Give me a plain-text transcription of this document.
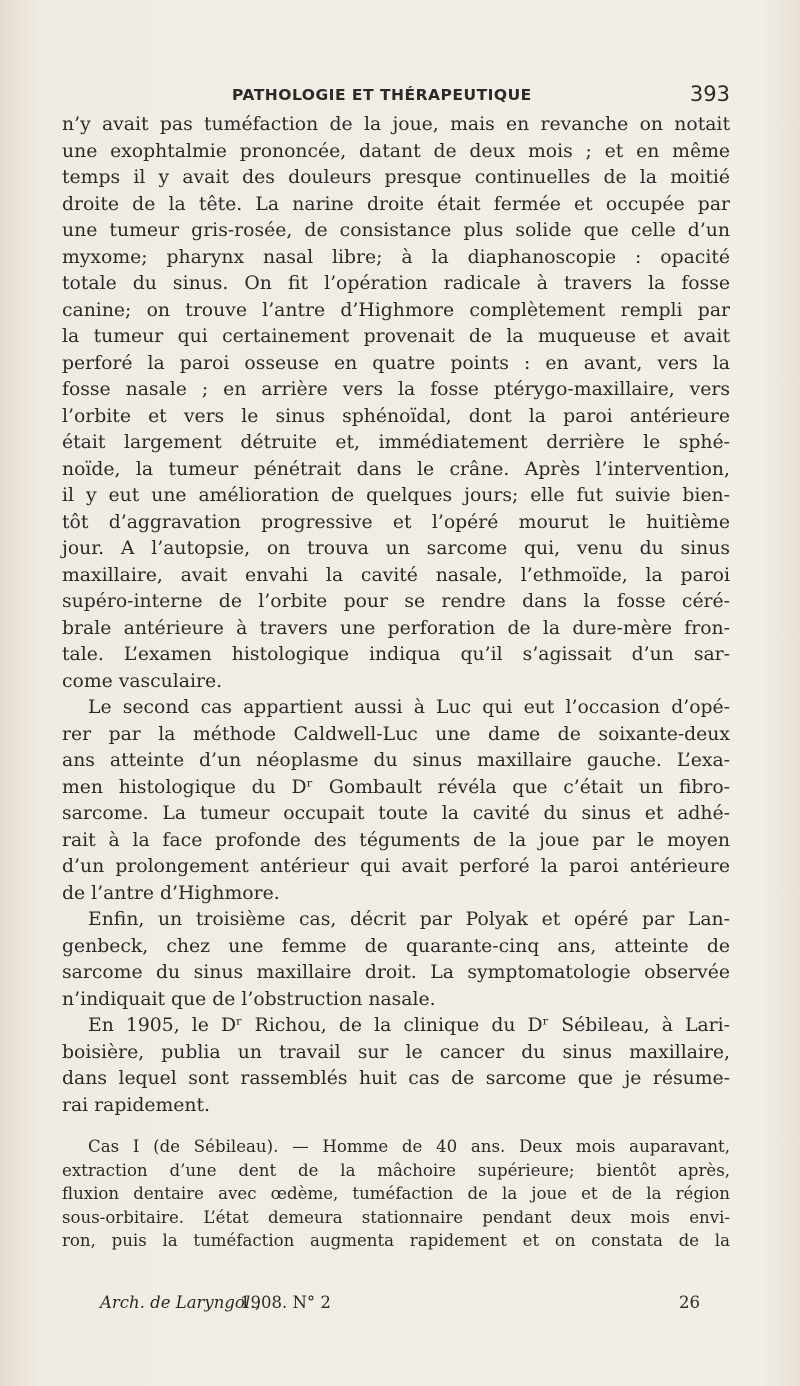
PATHOLOGIE ET THÉRAPEUTIQUE	393
n’y avait pas tuméfaction de la joue, mais en revanche on notait
une exophtalmie prononcée, datant de deux mois ; et en même
temps il y avait des douleurs presque continuelles de la moitié
droite de la tête. La narine droite était fermée et occupée par
une tumeur gris-rosée, de consistance plus solide que celle d’un
myxome; pharynx nasal libre; à la diaphanoscopie : opacité
totale du sinus. On fit l’opération radicale à travers la fosse
canine; on trouve l’antre d’Highmore complètement rempli par
la tumeur qui certainement provenait de la muqueuse et avait
perforé la paroi osseuse en quatre points : en avant, vers la
fosse nasale ; en arrière vers la fosse ptérygo-maxillaire, vers
l’orbite et vers le sinus sphénoïdal, dont la paroi antérieure
était largement détruite et, immédiatement derrière le sphé-
noïde, la tumeur pénétrait dans le crâne. Après l’intervention,
il y eut une amélioration de quelques jours; elle fut suivie bien-
tôt d’aggravation progressive et l’opéré mourut le huitième
jour. A l’autopsie, on trouva un sarcome qui, venu du sinus
maxillaire, avait envahi la cavité nasale, l’ethmoïde, la paroi
supéro-interne de l’orbite pour se rendre dans la fosse céré-
brale antérieure à travers une perforation de la dure-mère fron-
tale. L’examen histologique indiqua qu’il s’agissait d’un sar-
come vasculaire.
Le second cas appartient aussi à Luc qui eut l’occasion d’opé-
rer par la méthode Caldwell-Luc une dame de soixante-deux
ans atteinte d’un néoplasme du sinus maxillaire gauche. L’exa-
men histologique du Dʳ Gombault révéla que c’était un fibro-
sarcome. La tumeur occupait toute la cavité du sinus et adhé-
rait à la face profonde des téguments de la joue par le moyen
d’un prolongement antérieur qui avait perforé la paroi antérieure
de l’antre d’Highmore.
Enfin, un troisième cas, décrit par Polyak et opéré par Lan-
genbeck, chez une femme de quarante-cinq ans, atteinte de
sarcome du sinus maxillaire droit. La symptomatologie observée
n’indiquait que de l’obstruction nasale.
En 1905, le Dʳ Richou, de la clinique du Dʳ Sébileau, à Lari-
boisière, publia un travail sur le cancer du sinus maxillaire,
dans lequel sont rassemblés huit cas de sarcome que je résume-
rai rapidement.
Cas I (de Sébileau). — Homme de 40 ans. Deux mois auparavant,
extraction d’une dent de la mâchoire supérieure; bientôt après,
fluxion dentaire avec œdème, tuméfaction de la joue et de la région
sous-orbitaire. L’état demeura stationnaire pendant deux mois envi-
ron, puis la tuméfaction augmenta rapidement et on constata de la
Arch. de Laryngol.,
1908. N° 2	26
